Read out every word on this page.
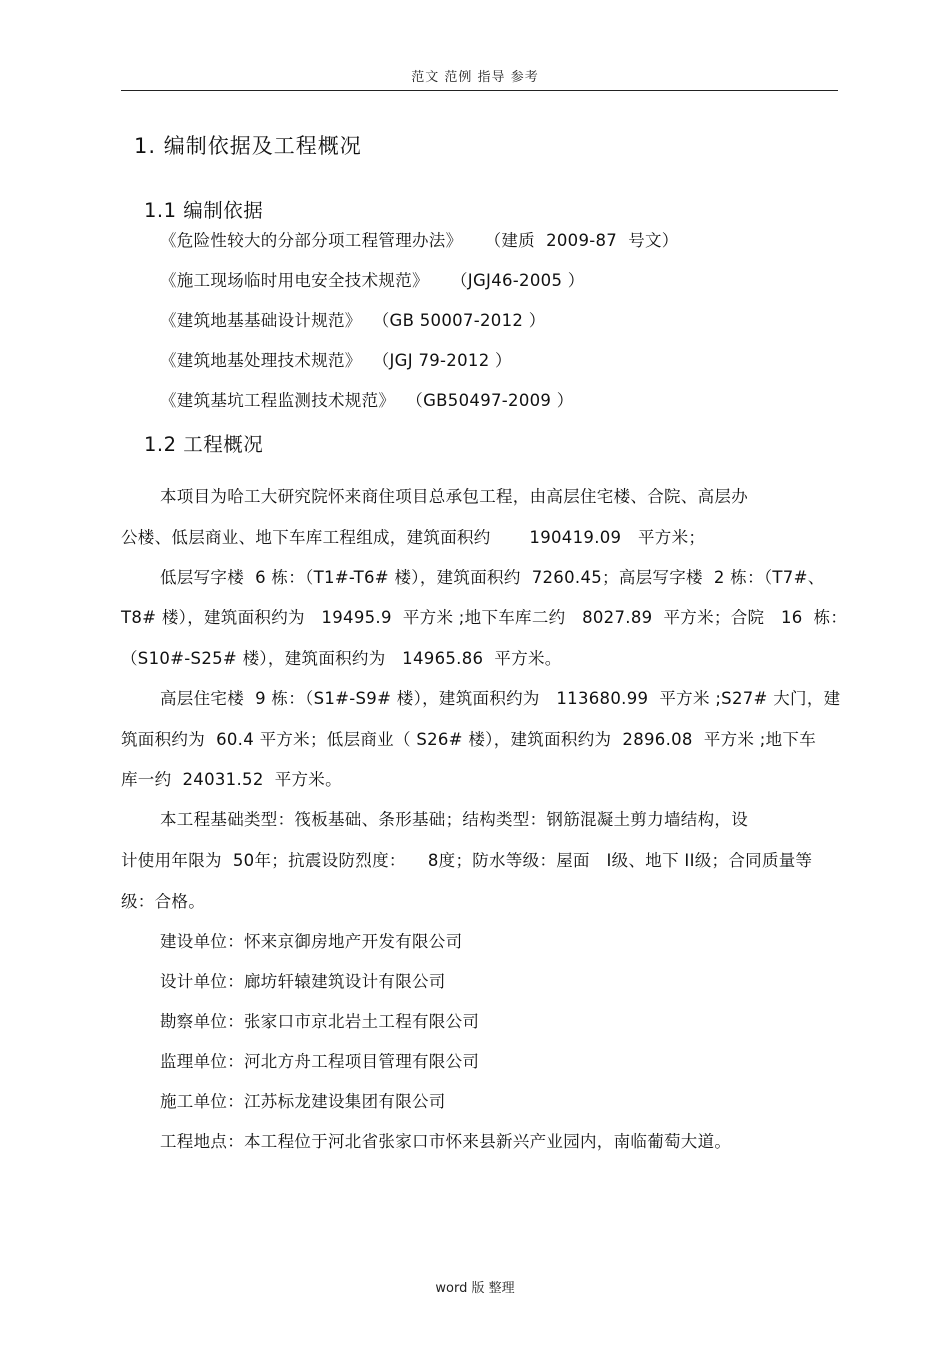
范文 范例 指导 参考
1. 编制依据及工程概况
1.1 编制依据
《危险性较大的分部分项工程管理办法》    （建质  2009-87  号文）
《施工现场临时用电安全技术规范》    （JGJ46-2005 ）
《建筑地基基础设计规范》  （GB 50007-2012 ）
《建筑地基处理技术规范》  （JGJ 79-2012 ）
《建筑基坑工程监测技术规范》  （GB50497-2009 ）
1.2 工程概况
本项目为哈工大研究院怀来商住项目总承包工程，由高层住宅楼、合院、高层办
公楼、低层商业、地下车库工程组成，建筑面积约       190419.09   平方米；
低层写字楼  6 栋：（T1#-T6# 楼），建筑面积约  7260.45；高层写字楼  2 栋：（T7#、
T8# 楼），建筑面积约为   19495.9  平方米 ;地下车库二约   8027.89  平方米；合院   16  栋：
（S10#-S25# 楼），建筑面积约为   14965.86  平方米。
高层住宅楼  9 栋：（S1#-S9# 楼），建筑面积约为   113680.99  平方米 ;S27# 大门，建
筑面积约为  60.4 平方米；低层商业（ S26# 楼），建筑面积约为  2896.08  平方米 ;地下车
库一约  24031.52  平方米。
本工程基础类型：筏板基础、条形基础；结构类型：钢筋混凝土剪力墙结构，设
计使用年限为  50年；抗震设防烈度：    8度；防水等级：屋面   I级、地下 II级；合同质量等
级：合格。
建设单位：怀来京御房地产开发有限公司
设计单位：廊坊轩辕建筑设计有限公司
勘察单位：张家口市京北岩土工程有限公司
监理单位：河北方舟工程项目管理有限公司
施工单位：江苏标龙建设集团有限公司
工程地点：本工程位于河北省张家口市怀来县新兴产业园内，南临葡萄大道。
word 版 整理
